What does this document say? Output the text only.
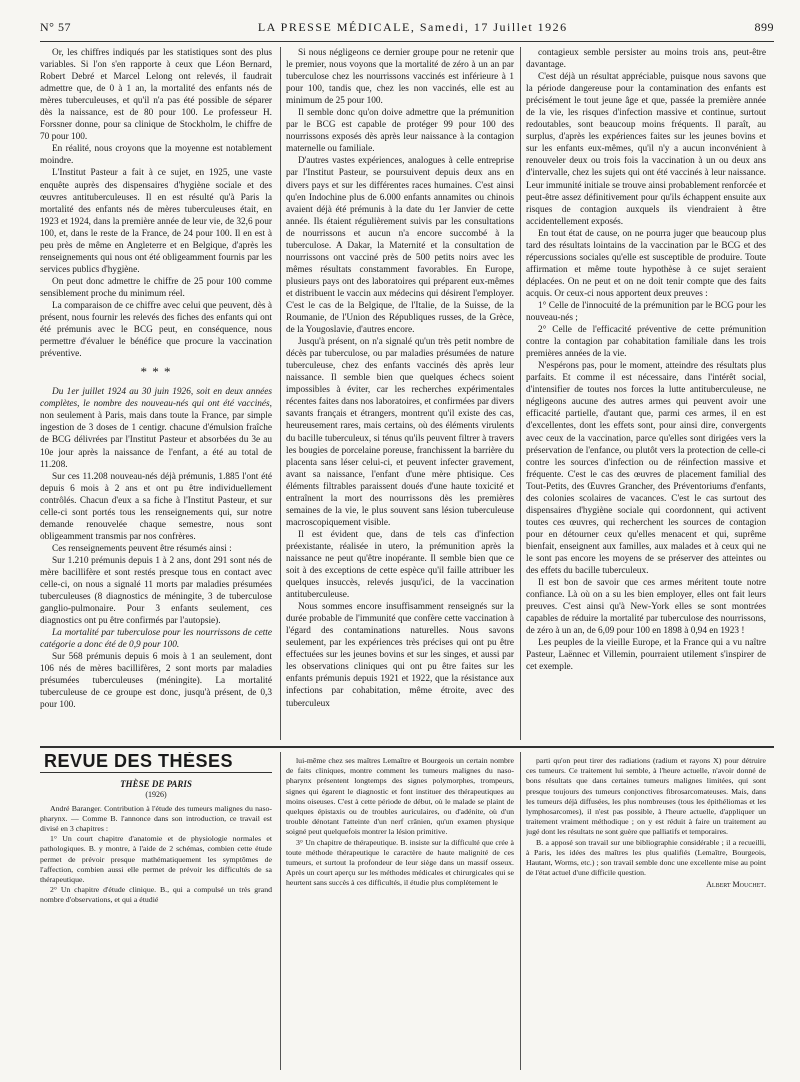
N° 57	LA PRESSE MÉDICALE, Samedi, 17 Juillet 1926	899

Or, les chiffres indiqués par les statistiques sont des plus variables. Si l'on s'en rapporte à ceux que Léon Bernard, Robert Debré et Marcel Lelong ont relevés, il faudrait admettre que, de 0 à 1 an, la mortalité des enfants nés de mères tuberculeuses, et qu'il n'a pas été possible de séparer dès la naissance, est de 80 pour 100. Le professeur H. Forssner donne, pour sa clinique de Stockholm, le chiffre de 70 pour 100.

En réalité, nous croyons que la moyenne est notablement moindre.

L'Institut Pasteur a fait à ce sujet, en 1925, une vaste enquête auprès des dispensaires d'hygiène sociale et des œuvres antituberculeuses. Il en est résulté qu'à Paris la mortalité des enfants nés de mères tuberculeuses était, en 1923 et 1924, dans la première année de leur vie, de 32,6 pour 100, et, dans le reste de la France, de 24 pour 100. Il en est à peu près de même en Angleterre et en Belgique, d'après les renseignements qui nous ont été obligeamment fournis par les services publics d'hygiène.

On peut donc admettre le chiffre de 25 pour 100 comme sensiblement proche du minimum réel.

La comparaison de ce chiffre avec celui que peuvent, dès à présent, nous fournir les relevés des fiches des enfants qui ont été prémunis avec le BCG peut, en conséquence, nous permettre d'évaluer le bénéfice que procure la vaccination préventive.

* * *

Du 1er juillet 1924 au 30 juin 1926, soit en deux années complètes, le nombre des nouveau-nés qui ont été vaccinés, non seulement à Paris, mais dans toute la France, par simple ingestion de 3 doses de 1 centigr. chacune d'émulsion fraîche de BCG délivrées par l'Institut Pasteur et absorbées du 3e au 10e jour après la naissance de l'enfant, a été au total de 11.208.

Sur ces 11.208 nouveau-nés déjà prémunis, 1.885 l'ont été depuis 6 mois à 2 ans et ont pu être individuellement contrôlés. Chacun d'eux a sa fiche à l'Institut Pasteur, et sur celle-ci sont portés tous les renseignements qui, sur notre demande renouvelée chaque semestre, nous sont obligeamment transmis par nos confrères.

Ces renseignements peuvent être résumés ainsi :

Sur 1.210 prémunis depuis 1 à 2 ans, dont 291 sont nés de mère bacillifère et sont restés presque tous en contact avec celle-ci, on nous a signalé 11 morts par maladies présumées tuberculeuses (8 diagnostics de méningite, 3 de tuberculose ganglio-pulmonaire. Pour 3 enfants seulement, ces diagnostics ont pu être confirmés par l'autopsie).

La mortalité par tuberculose pour les nourrissons de cette catégorie a donc été de 0,9 pour 100.

Sur 568 prémunis depuis 6 mois à 1 an seulement, dont 106 nés de mères bacillifères, 2 sont morts par maladies présumées tuberculeuses (méningite). La mortalité tuberculeuse de ce groupe est donc, jusqu'à présent, de 0,3 pour 100.

Si nous négligeons ce dernier groupe pour ne retenir que le premier, nous voyons que la mortalité de zéro à un an par tuberculose chez les nourrissons vaccinés est inférieure à 1 pour 100, tandis que, chez les non vaccinés, elle est au minimum de 25 pour 100.

Il semble donc qu'on doive admettre que la prémunition par le BCG est capable de protéger 99 pour 100 des nourrissons exposés dès après leur naissance à la contagion maternelle ou familiale.

D'autres vastes expériences, analogues à celle entreprise par l'Institut Pasteur, se poursuivent depuis deux ans en divers pays et sur les différentes races humaines. C'est ainsi qu'en Indochine plus de 6.000 enfants annamites ou chinois avaient déjà été prémunis à la date du 1er Janvier de cette année. Ils étaient régulièrement suivis par les consultations de nourrissons et aucun n'a encore succombé à la tuberculose. A Dakar, la Maternité et la consultation de nourrissons ont vacciné près de 500 petits noirs avec les mêmes résultats constamment favorables. En Europe, plusieurs pays ont des laboratoires qui préparent eux-mêmes et distribuent le vaccin aux médecins qui désirent l'employer. C'est le cas de la Belgique, de l'Italie, de la Suisse, de la Roumanie, de l'Union des Républiques russes, de la Grèce, de la Yougoslavie, d'autres encore.

Jusqu'à présent, on n'a signalé qu'un très petit nombre de décès par tuberculose, ou par maladies présumées de nature tuberculeuse, chez des enfants vaccinés dès après leur naissance. Il semble bien que quelques échecs soient impossibles à éviter, car les recherches expérimentales récentes faites dans nos laboratoires, et confirmées par divers savants français et étrangers, montrent qu'il existe des cas, heureusement rares, mais certains, où des éléments virulents du bacille tuberculeux, si ténus qu'ils peuvent filtrer à travers les bougies de porcelaine poreuse, franchissent la barrière du placenta sans léser celui-ci, et peuvent infecter gravement, avant sa naissance, l'enfant d'une mère phtisique. Ces éléments filtrables paraissent doués d'une haute toxicité et entraînent la mort des nourrissons dès les premières semaines de la vie, le plus souvent sans lésion tuberculeuse macroscopiquement visible.

Il est évident que, dans de tels cas d'infection préexistante, réalisée in utero, la prémunition après la naissance ne peut qu'être inopérante. Il semble bien que ce soit à des exceptions de cette espèce qu'il faille attribuer les quelques insuccès, relevés jusqu'ici, de la vaccination antituberculeuse.

Nous sommes encore insuffisamment renseignés sur la durée probable de l'immunité que confère cette vaccination à l'égard des contaminations naturelles. Nous savons seulement, par les expériences très précises qui ont pu être effectuées sur les jeunes bovins et sur les singes, et aussi par les observations cliniques qui ont pu être faites sur les enfants prémunis depuis 1921 et 1922, que la résistance aux infections par cohabitation, même étroite, avec des tuberculeux

contagieux semble persister au moins trois ans, peut-être davantage.

C'est déjà un résultat appréciable, puisque nous savons que la période dangereuse pour la contamination des enfants est précisément le tout jeune âge et que, passée la première année de la vie, les risques d'infection massive et continue, surtout redoutables, sont beaucoup moins fréquents. Il paraît, au surplus, d'après les expériences faites sur les jeunes bovins et sur les enfants eux-mêmes, qu'il n'y a aucun inconvénient à renouveler deux ou trois fois la vaccination à un ou deux ans d'intervalle, chez les sujets qui ont été vaccinés à leur naissance. Leur immunité initiale se trouve ainsi probablement renforcée et peut-être assez définitivement pour qu'ils échappent ensuite aux risques de contagion auxquels ils viendraient à être accidentellement exposés.

En tout état de cause, on ne pourra juger que beaucoup plus tard des résultats lointains de la vaccination par le BCG et des répercussions sociales qu'elle est susceptible de produire. Toute affirmation et même toute hypothèse à ce sujet seraient déplacées. On ne peut et on ne doit tenir compte que des faits acquis. Or ceux-ci nous apportent deux preuves :

1° Celle de l'innocuité de la prémunition par le BCG pour les nouveau-nés ;

2° Celle de l'efficacité préventive de cette prémunition contre la contagion par cohabitation familiale dans les trois premières années de la vie.

N'espérons pas, pour le moment, atteindre des résultats plus parfaits. Et comme il est nécessaire, dans l'intérêt social, d'intensifier de toutes nos forces la lutte antituberculeuse, ne négligeons aucune des autres armes qui peuvent avoir une efficacité partielle, d'autant que, parmi ces armes, il en est d'excellentes, dont les effets sont, pour ainsi dire, convergents avec ceux de la vaccination, parce qu'elles sont dirigées vers la préservation de l'enfance, ou plutôt vers la protection de celle-ci contre les sources d'infection ou de réinfection massive et fréquente. C'est le cas des œuvres de placement familial des Tout-Petits, des Œuvres Grancher, des Préventoriums d'enfants, des colonies scolaires de vacances. C'est le cas surtout des dispensaires d'hygiène sociale qui coordonnent, qui activent toutes ces œuvres, qui recherchent les sources de contagion pour en détourner ceux qu'elles menacent et qui, suprême bienfait, enseignent aux familles, aux malades et à ceux qui ne le sont pas encore les moyens de se préserver des atteintes ou des effets du bacille tuberculeux.

Il est bon de savoir que ces armes méritent toute notre confiance. Là où on a su les bien employer, elles ont fait leurs preuves. C'est ainsi qu'à New-York elles se sont montrées capables de réduire la mortalité par tuberculose des nourrissons, de zéro à un an, de 6,09 pour 100 en 1898 à 0,94 en 1923 !

Les peuples de la vieille Europe, et la France qui a vu naître Pasteur, Laënnec et Villemin, pourraient utilement s'inspirer de cet exemple.

REVUE DES THÈSES
THÈSE DE PARIS
(1926)

André Baranger. Contribution à l'étude des tumeurs malignes du naso-pharynx. — Comme B. l'annonce dans son introduction, ce travail est divisé en 3 chapitres :

1° Un court chapitre d'anatomie et de physiologie normales et pathologiques. B. y montre, à l'aide de 2 schémas, combien cette étude permet de prévoir presque mathématiquement les symptômes de l'affection, combien aussi elle permet de prévoir les difficultés de sa thérapeutique.

2° Un chapitre d'étude clinique. B., qui a compulsé un très grand nombre d'observations, et qui a étudié

lui-même chez ses maîtres Lemaître et Bourgeois un certain nombre de faits cliniques, montre comment les tumeurs malignes du naso-pharynx présentent longtemps des signes polymorphes, trompeurs, signes qui égarent le diagnostic et font instituer des thérapeutiques au moins oiseuses. C'est à cette période de début, où le malade se plaint de quelques épistaxis ou de troubles auriculaires, ou d'adénite, où d'un trouble dénotant l'atteinte d'un nerf crânien, qu'un examen physique soigné peut quelquefois montrer la lésion primitive.

3° Un chapitre de thérapeutique. B. insiste sur la difficulté que crée à toute méthode thérapeutique le caractère de haute malignité de ces tumeurs, et surtout la profondeur de leur siège dans un massif osseux. Après un court aperçu sur les méthodes médicales et chirurgicales qui se heurtent sans succès à ces difficultés, il étudie plus complètement le

parti qu'on peut tirer des radiations (radium et rayons X) pour détruire ces tumeurs. Ce traitement lui semble, à l'heure actuelle, n'avoir donné de bons résultats que dans certaines tumeurs malignes limitées, qui sont presque toujours des tumeurs conjonctives fibrosarcomateuses. Mais, dans les tumeurs déjà diffusées, les plus nombreuses (tous les épithéliomas et les lymphosarcomes), il n'est pas possible, à l'heure actuelle, d'appliquer un traitement vraiment méthodique ; on y est réduit à faire un traitement au jugé dont les résultats ne sont guère que palliatifs et temporaires.

B. a apposé son travail sur une bibliographie considérable ; il a recueilli, à Paris, les idées des maîtres les plus qualifiés (Lemaître, Bourgeois, Hautant, Worms, etc.) ; son travail semble donc une excellente mise au point de l'état actuel d'une difficile question.

Albert Mouchet.
